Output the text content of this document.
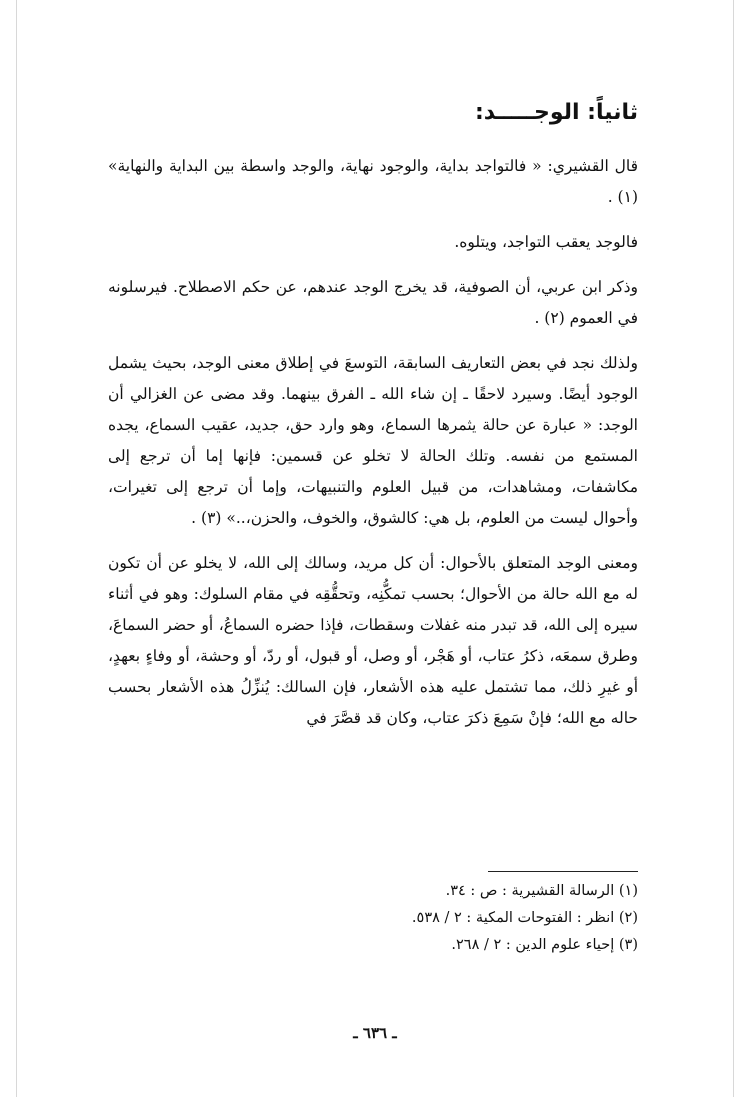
ثانياً: الوجـــــد:

قال القشيري: « فالتواجد بداية، والوجود نهاية، والوجد واسطة بين البداية والنهاية» (١) .

فالوجد يعقب التواجد، ويتلوه.

وذكر ابن عربي، أن الصوفية، قد يخرج الوجد عندهم، عن حكم الاصطلاح. فيرسلونه في العموم (٢) .

ولذلك نجد في بعض التعاريف السابقة، التوسعَ في إطلاق معنى الوجد، بحيث يشمل الوجود أيضًا. وسيرد لاحقًا ـ إن شاء الله ـ الفرق بينهما. وقد مضى عن الغزالي أن الوجد: « عبارة عن حالة يثمرها السماع، وهو وارد حق، جديد، عقيب السماع، يجده المستمع من نفسه. وتلك الحالة لا تخلو عن قسمين: فإنها إما أن ترجع إلى مكاشفات، ومشاهدات، من قبيل العلوم والتنبيهات، وإما أن ترجع إلى تغيرات، وأحوال ليست من العلوم، بل هي: كالشوق، والخوف، والحزن،..» (٣) .

ومعنى الوجد المتعلق بالأحوال: أن كل مريد، وسالك إلى الله، لا يخلو عن أن تكون له مع الله حالة من الأحوال؛ بحسب تمكُّنِه، وتحقُّقِه في مقام السلوك: وهو في أثناء سيره إلى الله، قد تبدر منه غفلات وسقطات، فإذا حضره السماعُ، أو حضر السماعَ، وطرق سمعَه، ذكرُ عتاب، أو هَجْر، أو وصل، أو قبول، أو ردّ، أو وحشة، أو وفاءٍ بعهدٍ، أو غيرِ ذلك، مما تشتمل عليه هذه الأشعار، فإن السالك: يُنزِّلُ هذه الأشعار بحسب حاله مع الله؛ فإنْ سَمِعَ ذكرَ عتاب، وكان قد قصَّرَ في

(١) الرسالة القشيرية : ص : ٣٤.

(٢) انظر : الفتوحات المكية : ٢ / ٥٣٨.

(٣) إحياء علوم الدين : ٢ / ٢٦٨.

ـ ٦٣٦ ـ
